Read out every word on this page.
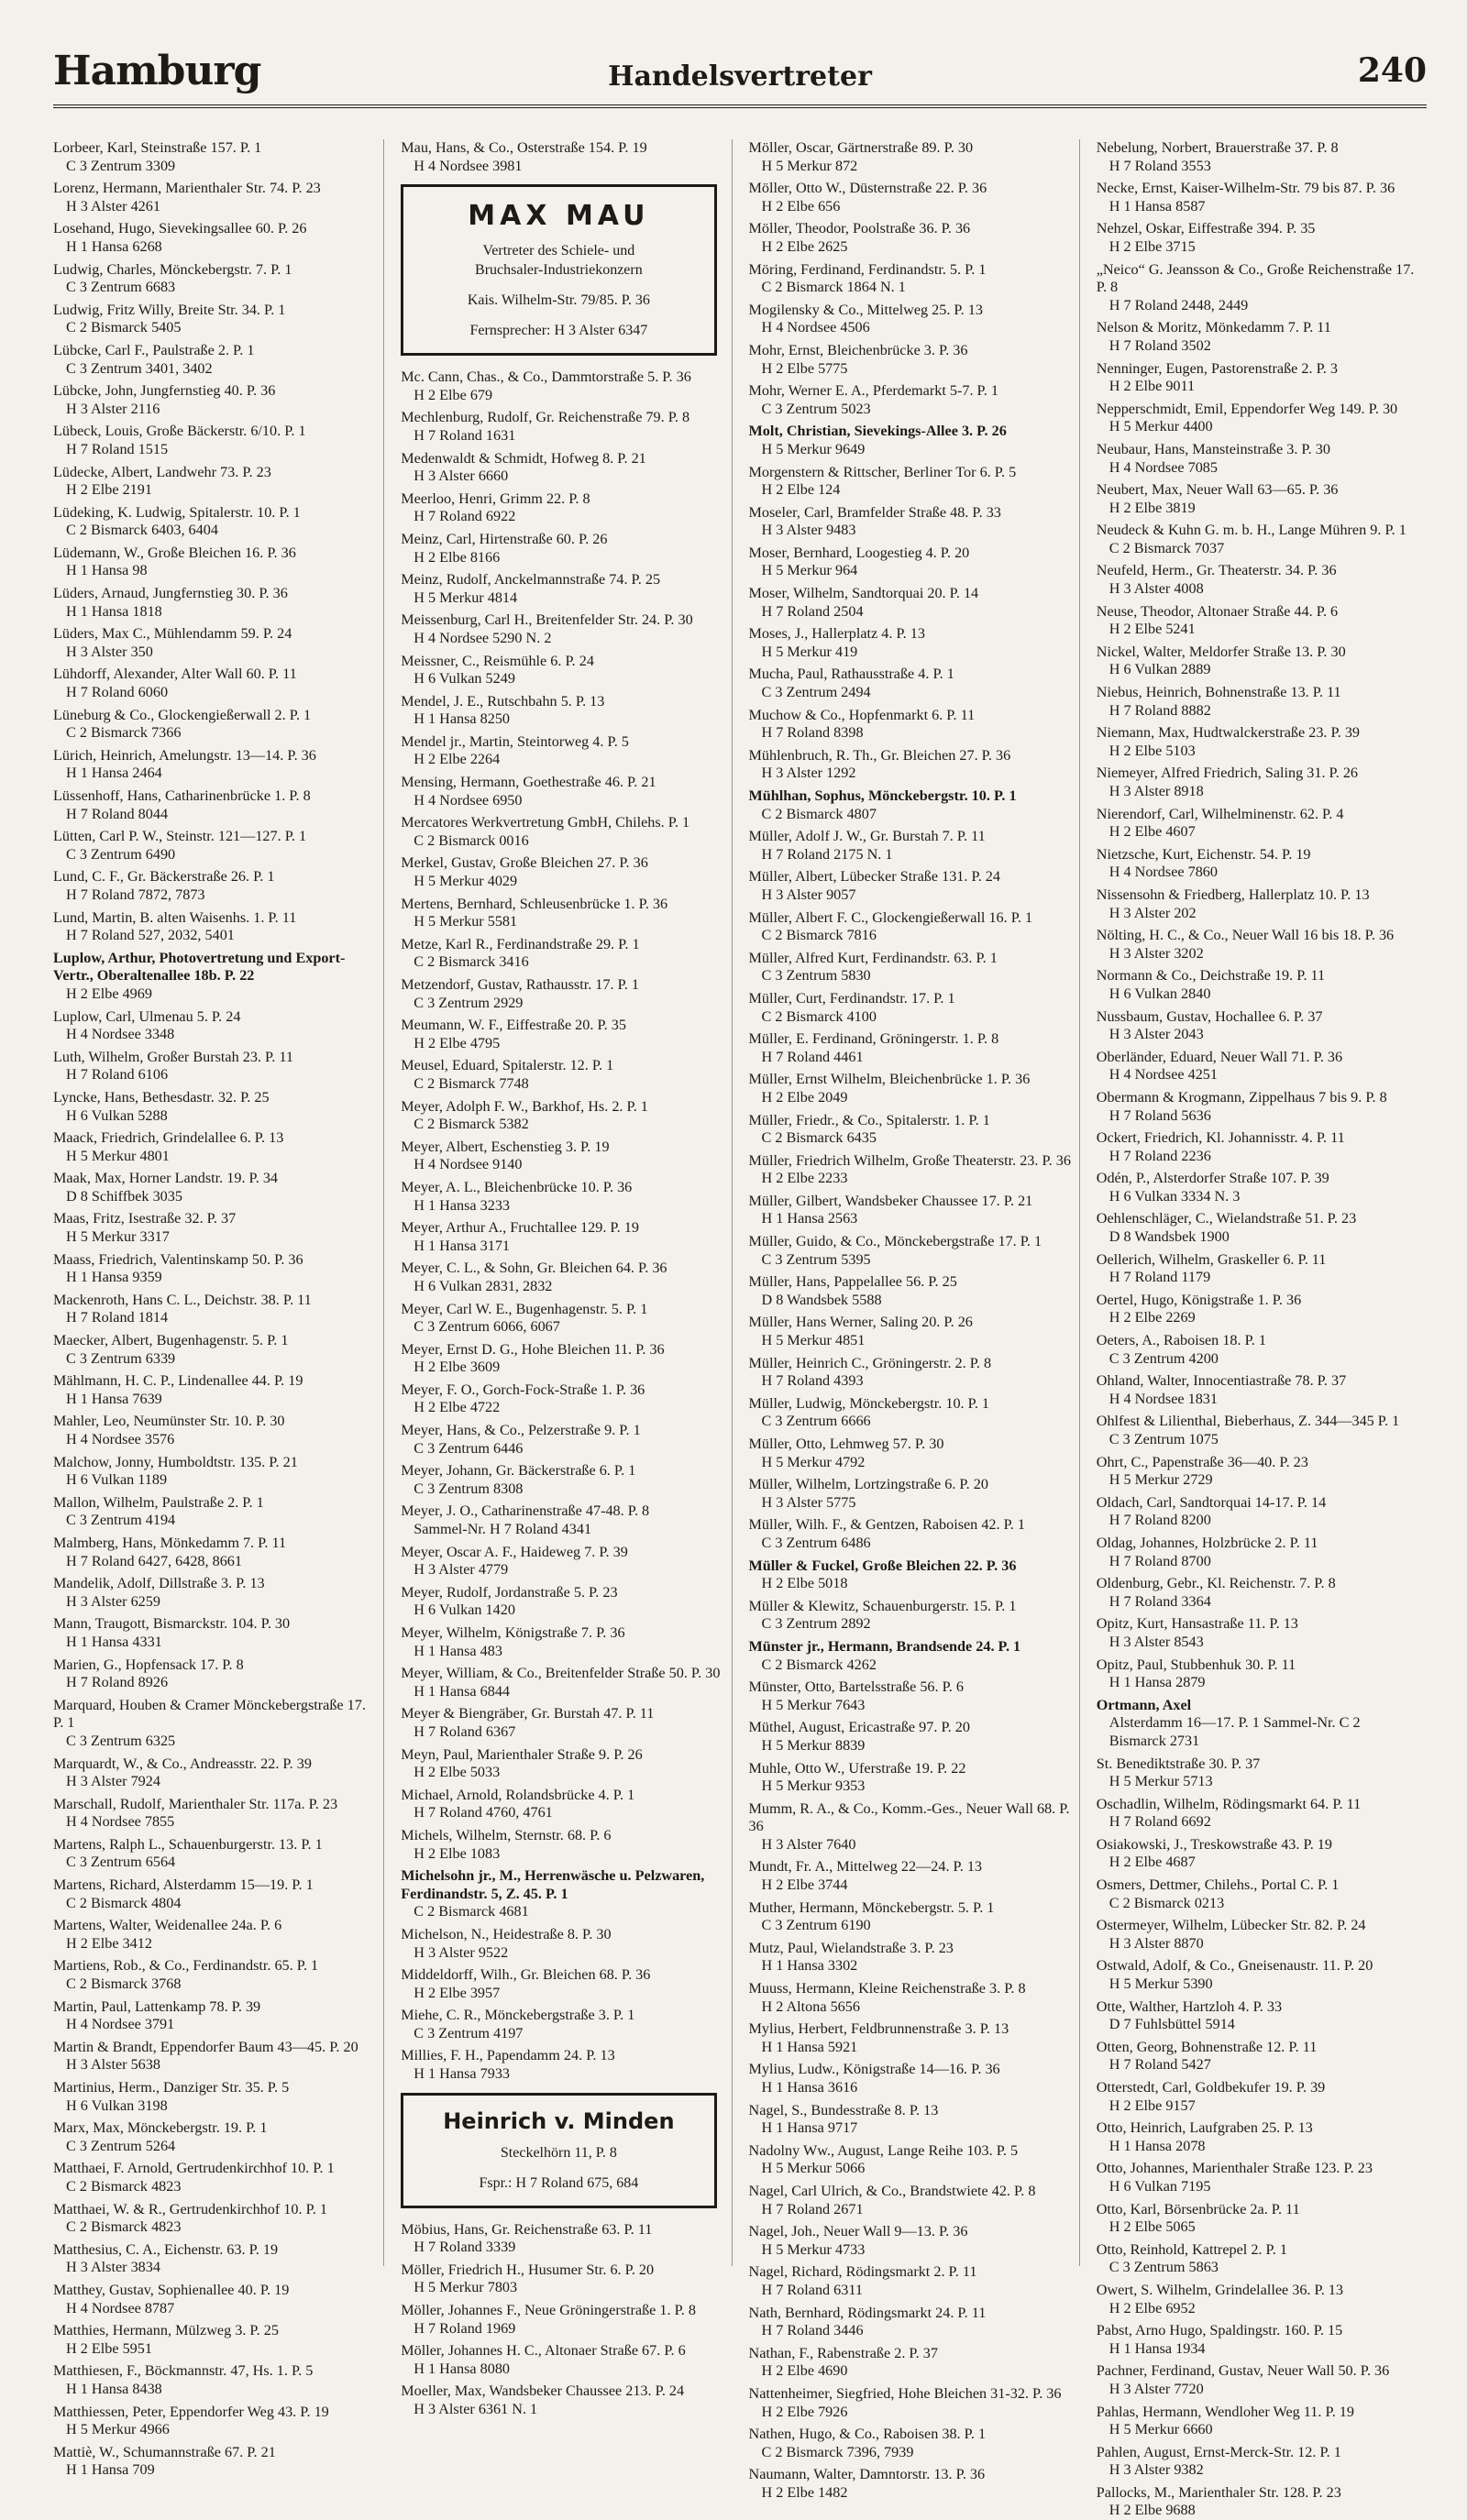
Hamburg	Handelsvertreter	240
Lorbeer, Karl, Steinstraße 157. P. 1
C 3 Zentrum 3309
Lorenz, Hermann, Marienthaler Str. 74. P. 23
H 3 Alster 4261
Losehand, Hugo, Sievekingsallee 60. P. 26
H 1 Hansa 6268
Ludwig, Charles, Mönckebergstr. 7. P. 1
C 3 Zentrum 6683
Ludwig, Fritz Willy, Breite Str. 34. P. 1
C 2 Bismarck 5405
Lübcke, Carl F., Paulstraße 2. P. 1
C 3 Zentrum 3401, 3402
Lübcke, John, Jungfernstieg 40. P. 36
H 3 Alster 2116
Lübeck, Louis, Große Bäckerstr. 6/10. P. 1
H 7 Roland 1515
Lüdecke, Albert, Landwehr 73. P. 23
H 2 Elbe 2191
Lüdeking, K. Ludwig, Spitalerstr. 10. P. 1
C 2 Bismarck 6403, 6404
Lüdemann, W., Große Bleichen 16. P. 36
H 1 Hansa 98
Lüders, Arnaud, Jungfernstieg 30. P. 36
H 1 Hansa 1818
Lüders, Max C., Mühlendamm 59. P. 24
H 3 Alster 350
Lühdorff, Alexander, Alter Wall 60. P. 11
H 7 Roland 6060
Lüneburg & Co., Glockengießerwall 2. P. 1
C 2 Bismarck 7366
Lürich, Heinrich, Amelungstr. 13—14. P. 36
H 1 Hansa 2464
Lüssenhoff, Hans, Catharinenbrücke 1. P. 8
H 7 Roland 8044
Lütten, Carl P. W., Steinstr. 121—127. P. 1
C 3 Zentrum 6490
Lund, C. F., Gr. Bäckerstraße 26. P. 1
H 7 Roland 7872, 7873
Lund, Martin, B. alten Waisenhs. 1. P. 11
H 7 Roland 527, 2032, 5401
Luplow, Arthur, Photovertretung und Export-Vertr., Oberaltenallee 18b. P. 22
H 2 Elbe 4969
Luplow, Carl, Ulmenau 5. P. 24
H 4 Nordsee 3348
Luth, Wilhelm, Großer Burstah 23. P. 11
H 7 Roland 6106
Lyncke, Hans, Bethesdastr. 32. P. 25
H 6 Vulkan 5288
Maack, Friedrich, Grindelallee 6. P. 13
H 5 Merkur 4801
Maak, Max, Horner Landstr. 19. P. 34
D 8 Schiffbek 3035
Maas, Fritz, Isestraße 32. P. 37
H 5 Merkur 3317
Maass, Friedrich, Valentinskamp 50. P. 36
H 1 Hansa 9359
Mackenroth, Hans C. L., Deichstr. 38. P. 11
H 7 Roland 1814
Maecker, Albert, Bugenhagenstr. 5. P. 1
C 3 Zentrum 6339
Mählmann, H. C. P., Lindenallee 44. P. 19
H 1 Hansa 7639
Mahler, Leo, Neumünster Str. 10. P. 30
H 4 Nordsee 3576
Malchow, Jonny, Humboldtstr. 135. P. 21
H 6 Vulkan 1189
Mallon, Wilhelm, Paulstraße 2. P. 1
C 3 Zentrum 4194
Malmberg, Hans, Mönkedamm 7. P. 11
H 7 Roland 6427, 6428, 8661
Mandelik, Adolf, Dillstraße 3. P. 13
H 3 Alster 6259
Mann, Traugott, Bismarckstr. 104. P. 30
H 1 Hansa 4331
Marien, G., Hopfensack 17. P. 8
H 7 Roland 8926
Marquard, Houben & Cramer Mönckebergstraße 17. P. 1
C 3 Zentrum 6325
Marquardt, W., & Co., Andreasstr. 22. P. 39
H 3 Alster 7924
Marschall, Rudolf, Marienthaler Str. 117a. P. 23
H 4 Nordsee 7855
Martens, Ralph L., Schauenburgerstr. 13. P. 1
C 3 Zentrum 6564
Martens, Richard, Alsterdamm 15—19. P. 1
C 2 Bismarck 4804
Martens, Walter, Weidenallee 24a. P. 6
H 2 Elbe 3412
Martiens, Rob., & Co., Ferdinandstr. 65. P. 1
C 2 Bismarck 3768
Martin, Paul, Lattenkamp 78. P. 39
H 4 Nordsee 3791
Martin & Brandt, Eppendorfer Baum 43—45. P. 20
H 3 Alster 5638
Martinius, Herm., Danziger Str. 35. P. 5
H 6 Vulkan 3198
Marx, Max, Mönckebergstr. 19. P. 1
C 3 Zentrum 5264
Matthaei, F. Arnold, Gertrudenkirchhof 10. P. 1
C 2 Bismarck 4823
Matthaei, W. & R., Gertrudenkirchhof 10. P. 1
C 2 Bismarck 4823
Matthesius, C. A., Eichenstr. 63. P. 19
H 3 Alster 3834
Matthey, Gustav, Sophienallee 40. P. 19
H 4 Nordsee 8787
Matthies, Hermann, Mülzweg 3. P. 25
H 2 Elbe 5951
Matthiesen, F., Böckmannstr. 47, Hs. 1. P. 5
H 1 Hansa 8438
Matthiessen, Peter, Eppendorfer Weg 43. P. 19
H 5 Merkur 4966
Mattiè, W., Schumannstraße 67. P. 21
H 1 Hansa 709
Mau, Hans, & Co., Osterstraße 154. P. 19
H 4 Nordsee 3981
MAX MAU
Vertreter des Schiele- und
Bruchsaler-Industriekonzern
Kais. Wilhelm-Str. 79/85. P. 36
Fernsprecher: H 3 Alster 6347
Mc. Cann, Chas., & Co., Dammtorstraße 5. P. 36
H 2 Elbe 679
Mechlenburg, Rudolf, Gr. Reichenstraße 79. P. 8
H 7 Roland 1631
Medenwaldt & Schmidt, Hofweg 8. P. 21
H 3 Alster 6660
Meerloo, Henri, Grimm 22. P. 8
H 7 Roland 6922
Meinz, Carl, Hirtenstraße 60. P. 26
H 2 Elbe 8166
Meinz, Rudolf, Anckelmannstraße 74. P. 25
H 5 Merkur 4814
Meissenburg, Carl H., Breitenfelder Str. 24. P. 30
H 4 Nordsee 5290 N. 2
Meissner, C., Reismühle 6. P. 24
H 6 Vulkan 5249
Mendel, J. E., Rutschbahn 5. P. 13
H 1 Hansa 8250
Mendel jr., Martin, Steintorweg 4. P. 5
H 2 Elbe 2264
Mensing, Hermann, Goethestraße 46. P. 21
H 4 Nordsee 6950
Mercatores Werkvertretung GmbH, Chilehs. P. 1
C 2 Bismarck 0016
Merkel, Gustav, Große Bleichen 27. P. 36
H 5 Merkur 4029
Mertens, Bernhard, Schleusenbrücke 1. P. 36
H 5 Merkur 5581
Metze, Karl R., Ferdinandstraße 29. P. 1
C 2 Bismarck 3416
Metzendorf, Gustav, Rathausstr. 17. P. 1
C 3 Zentrum 2929
Meumann, W. F., Eiffestraße 20. P. 35
H 2 Elbe 4795
Meusel, Eduard, Spitalerstr. 12. P. 1
C 2 Bismarck 7748
Meyer, Adolph F. W., Barkhof, Hs. 2. P. 1
C 2 Bismarck 5382
Meyer, Albert, Eschenstieg 3. P. 19
H 4 Nordsee 9140
Meyer, A. L., Bleichenbrücke 10. P. 36
H 1 Hansa 3233
Meyer, Arthur A., Fruchtallee 129. P. 19
H 1 Hansa 3171
Meyer, C. L., & Sohn, Gr. Bleichen 64. P. 36
H 6 Vulkan 2831, 2832
Meyer, Carl W. E., Bugenhagenstr. 5. P. 1
C 3 Zentrum 6066, 6067
Meyer, Ernst D. G., Hohe Bleichen 11. P. 36
H 2 Elbe 3609
Meyer, F. O., Gorch-Fock-Straße 1. P. 36
H 2 Elbe 4722
Meyer, Hans, & Co., Pelzerstraße 9. P. 1
C 3 Zentrum 6446
Meyer, Johann, Gr. Bäckerstraße 6. P. 1
C 3 Zentrum 8308
Meyer, J. O., Catharinenstraße 47-48. P. 8
Sammel-Nr. H 7 Roland 4341
Meyer, Oscar A. F., Haideweg 7. P. 39
H 3 Alster 4779
Meyer, Rudolf, Jordanstraße 5. P. 23
H 6 Vulkan 1420
Meyer, Wilhelm, Königstraße 7. P. 36
H 1 Hansa 483
Meyer, William, & Co., Breitenfelder Straße 50. P. 30
H 1 Hansa 6844
Meyer & Biengräber, Gr. Burstah 47. P. 11
H 7 Roland 6367
Meyn, Paul, Marienthaler Straße 9. P. 26
H 2 Elbe 5033
Michael, Arnold, Rolandsbrücke 4. P. 1
H 7 Roland 4760, 4761
Michels, Wilhelm, Sternstr. 68. P. 6
H 2 Elbe 1083
Michelsohn jr., M., Herrenwäsche u. Pelzwaren, Ferdinandstr. 5, Z. 45. P. 1
C 2 Bismarck 4681
Michelson, N., Heidestraße 8. P. 30
H 3 Alster 9522
Middeldorff, Wilh., Gr. Bleichen 68. P. 36
H 2 Elbe 3957
Miehe, C. R., Mönckebergstraße 3. P. 1
C 3 Zentrum 4197
Millies, F. H., Papendamm 24. P. 13
H 1 Hansa 7933
Heinrich v. Minden
Steckelhörn 11, P. 8
Fspr.: H 7 Roland 675, 684
Möbius, Hans, Gr. Reichenstraße 63. P. 11
H 7 Roland 3339
Möller, Friedrich H., Husumer Str. 6. P. 20
H 5 Merkur 7803
Möller, Johannes F., Neue Gröningerstraße 1. P. 8
H 7 Roland 1969
Möller, Johannes H. C., Altonaer Straße 67. P. 6
H 1 Hansa 8080
Moeller, Max, Wandsbeker Chaussee 213. P. 24
H 3 Alster 6361 N. 1
Möller, Oscar, Gärtnerstraße 89. P. 30
H 5 Merkur 872
Möller, Otto W., Düsternstraße 22. P. 36
H 2 Elbe 656
Möller, Theodor, Poolstraße 36. P. 36
H 2 Elbe 2625
Möring, Ferdinand, Ferdinandstr. 5. P. 1
C 2 Bismarck 1864 N. 1
Mogilensky & Co., Mittelweg 25. P. 13
H 4 Nordsee 4506
Mohr, Ernst, Bleichenbrücke 3. P. 36
H 2 Elbe 5775
Mohr, Werner E. A., Pferdemarkt 5-7. P. 1
C 3 Zentrum 5023
Molt, Christian, Sievekings-Allee 3. P. 26
H 5 Merkur 9649
Morgenstern & Rittscher, Berliner Tor 6. P. 5
H 2 Elbe 124
Moseler, Carl, Bramfelder Straße 48. P. 33
H 3 Alster 9483
Moser, Bernhard, Loogestieg 4. P. 20
H 5 Merkur 964
Moser, Wilhelm, Sandtorquai 20. P. 14
H 7 Roland 2504
Moses, J., Hallerplatz 4. P. 13
H 5 Merkur 419
Mucha, Paul, Rathausstraße 4. P. 1
C 3 Zentrum 2494
Muchow & Co., Hopfenmarkt 6. P. 11
H 7 Roland 8398
Mühlenbruch, R. Th., Gr. Bleichen 27. P. 36
H 3 Alster 1292
Mühlhan, Sophus, Mönckebergstr. 10. P. 1
C 2 Bismarck 4807
Müller, Adolf J. W., Gr. Burstah 7. P. 11
H 7 Roland 2175 N. 1
Müller, Albert, Lübecker Straße 131. P. 24
H 3 Alster 9057
Müller, Albert F. C., Glockengießerwall 16. P. 1
C 2 Bismarck 7816
Müller, Alfred Kurt, Ferdinandstr. 63. P. 1
C 3 Zentrum 5830
Müller, Curt, Ferdinandstr. 17. P. 1
C 2 Bismarck 4100
Müller, E. Ferdinand, Gröningerstr. 1. P. 8
H 7 Roland 4461
Müller, Ernst Wilhelm, Bleichenbrücke 1. P. 36
H 2 Elbe 2049
Müller, Friedr., & Co., Spitalerstr. 1. P. 1
C 2 Bismarck 6435
Müller, Friedrich Wilhelm, Große Theaterstr. 23. P. 36
H 2 Elbe 2233
Müller, Gilbert, Wandsbeker Chaussee 17. P. 21
H 1 Hansa 2563
Müller, Guido, & Co., Mönckebergstraße 17. P. 1
C 3 Zentrum 5395
Müller, Hans, Pappelallee 56. P. 25
D 8 Wandsbek 5588
Müller, Hans Werner, Saling 20. P. 26
H 5 Merkur 4851
Müller, Heinrich C., Gröningerstr. 2. P. 8
H 7 Roland 4393
Müller, Ludwig, Mönckebergstr. 10. P. 1
C 3 Zentrum 6666
Müller, Otto, Lehmweg 57. P. 30
H 5 Merkur 4792
Müller, Wilhelm, Lortzingstraße 6. P. 20
H 3 Alster 5775
Müller, Wilh. F., & Gentzen, Raboisen 42. P. 1
C 3 Zentrum 6486
Müller & Fuckel, Große Bleichen 22. P. 36
H 2 Elbe 5018
Müller & Klewitz, Schauenburgerstr. 15. P. 1
C 3 Zentrum 2892
Münster jr., Hermann, Brandsende 24. P. 1
C 2 Bismarck 4262
Münster, Otto, Bartelsstraße 56. P. 6
H 5 Merkur 7643
Müthel, August, Ericastraße 97. P. 20
H 5 Merkur 8839
Muhle, Otto W., Uferstraße 19. P. 22
H 5 Merkur 9353
Mumm, R. A., & Co., Komm.-Ges., Neuer Wall 68. P. 36
H 3 Alster 7640
Mundt, Fr. A., Mittelweg 22—24. P. 13
H 2 Elbe 3744
Muther, Hermann, Mönckebergstr. 5. P. 1
C 3 Zentrum 6190
Mutz, Paul, Wielandstraße 3. P. 23
H 1 Hansa 3302
Muuss, Hermann, Kleine Reichenstraße 3. P. 8
H 2 Altona 5656
Mylius, Herbert, Feldbrunnenstraße 3. P. 13
H 1 Hansa 5921
Mylius, Ludw., Königstraße 14—16. P. 36
H 1 Hansa 3616
Nagel, S., Bundesstraße 8. P. 13
H 1 Hansa 9717
Nadolny Ww., August, Lange Reihe 103. P. 5
H 5 Merkur 5066
Nagel, Carl Ulrich, & Co., Brandstwiete 42. P. 8
H 7 Roland 2671
Nagel, Joh., Neuer Wall 9—13. P. 36
H 5 Merkur 4733
Nagel, Richard, Rödingsmarkt 2. P. 11
H 7 Roland 6311
Nath, Bernhard, Rödingsmarkt 24. P. 11
H 7 Roland 3446
Nathan, F., Rabenstraße 2. P. 37
H 2 Elbe 4690
Nattenheimer, Siegfried, Hohe Bleichen 31-32. P. 36
H 2 Elbe 7926
Nathen, Hugo, & Co., Raboisen 38. P. 1
C 2 Bismarck 7396, 7939
Naumann, Walter, Damntorstr. 13. P. 36
H 2 Elbe 1482
Nebelung, Norbert, Brauerstraße 37. P. 8
H 7 Roland 3553
Necke, Ernst, Kaiser-Wilhelm-Str. 79 bis 87. P. 36
H 1 Hansa 8587
Nehzel, Oskar, Eiffestraße 394. P. 35
H 2 Elbe 3715
„Neico“ G. Jeansson & Co., Große Reichenstraße 17. P. 8
H 7 Roland 2448, 2449
Nelson & Moritz, Mönkedamm 7. P. 11
H 7 Roland 3502
Nenninger, Eugen, Pastorenstraße 2. P. 3
H 2 Elbe 9011
Nepperschmidt, Emil, Eppendorfer Weg 149. P. 30
H 5 Merkur 4400
Neubaur, Hans, Mansteinstraße 3. P. 30
H 4 Nordsee 7085
Neubert, Max, Neuer Wall 63—65. P. 36
H 2 Elbe 3819
Neudeck & Kuhn G. m. b. H., Lange Mühren 9. P. 1
C 2 Bismarck 7037
Neufeld, Herm., Gr. Theaterstr. 34. P. 36
H 3 Alster 4008
Neuse, Theodor, Altonaer Straße 44. P. 6
H 2 Elbe 5241
Nickel, Walter, Meldorfer Straße 13. P. 30
H 6 Vulkan 2889
Niebus, Heinrich, Bohnenstraße 13. P. 11
H 7 Roland 8882
Niemann, Max, Hudtwalckerstraße 23. P. 39
H 2 Elbe 5103
Niemeyer, Alfred Friedrich, Saling 31. P. 26
H 3 Alster 8918
Nierendorf, Carl, Wilhelminenstr. 62. P. 4
H 2 Elbe 4607
Nietzsche, Kurt, Eichenstr. 54. P. 19
H 4 Nordsee 7860
Nissensohn & Friedberg, Hallerplatz 10. P. 13
H 3 Alster 202
Nölting, H. C., & Co., Neuer Wall 16 bis 18. P. 36
H 3 Alster 3202
Normann & Co., Deichstraße 19. P. 11
H 6 Vulkan 2840
Nussbaum, Gustav, Hochallee 6. P. 37
H 3 Alster 2043
Oberländer, Eduard, Neuer Wall 71. P. 36
H 4 Nordsee 4251
Obermann & Krogmann, Zippelhaus 7 bis 9. P. 8
H 7 Roland 5636
Ockert, Friedrich, Kl. Johannisstr. 4. P. 11
H 7 Roland 2236
Odén, P., Alsterdorfer Straße 107. P. 39
H 6 Vulkan 3334 N. 3
Oehlenschläger, C., Wielandstraße 51. P. 23
D 8 Wandsbek 1900
Oellerich, Wilhelm, Graskeller 6. P. 11
H 7 Roland 1179
Oertel, Hugo, Königstraße 1. P. 36
H 2 Elbe 2269
Oeters, A., Raboisen 18. P. 1
C 3 Zentrum 4200
Ohland, Walter, Innocentiastraße 78. P. 37
H 4 Nordsee 1831
Ohlfest & Lilienthal, Bieberhaus, Z. 344—345 P. 1
C 3 Zentrum 1075
Ohrt, C., Papenstraße 36—40. P. 23
H 5 Merkur 2729
Oldach, Carl, Sandtorquai 14-17. P. 14
H 7 Roland 8200
Oldag, Johannes, Holzbrücke 2. P. 11
H 7 Roland 8700
Oldenburg, Gebr., Kl. Reichenstr. 7. P. 8
H 7 Roland 3364
Opitz, Kurt, Hansastraße 11. P. 13
H 3 Alster 8543
Opitz, Paul, Stubbenhuk 30. P. 11
H 1 Hansa 2879
Ortmann, Axel
Alsterdamm 16—17. P. 1 Sammel-Nr. C 2 Bismarck 2731
St. Benediktstraße 30. P. 37
H 5 Merkur 5713
Oschadlin, Wilhelm, Rödingsmarkt 64. P. 11
H 7 Roland 6692
Osiakowski, J., Treskowstraße 43. P. 19
H 2 Elbe 4687
Osmers, Dettmer, Chilehs., Portal C. P. 1
C 2 Bismarck 0213
Ostermeyer, Wilhelm, Lübecker Str. 82. P. 24
H 3 Alster 8870
Ostwald, Adolf, & Co., Gneisenaustr. 11. P. 20
H 5 Merkur 5390
Otte, Walther, Hartzloh 4. P. 33
D 7 Fuhlsbüttel 5914
Otten, Georg, Bohnenstraße 12. P. 11
H 7 Roland 5427
Otterstedt, Carl, Goldbekufer 19. P. 39
H 2 Elbe 9157
Otto, Heinrich, Laufgraben 25. P. 13
H 1 Hansa 2078
Otto, Johannes, Marienthaler Straße 123. P. 23
H 6 Vulkan 7195
Otto, Karl, Börsenbrücke 2a. P. 11
H 2 Elbe 5065
Otto, Reinhold, Kattrepel 2. P. 1
C 3 Zentrum 5863
Owert, S. Wilhelm, Grindelallee 36. P. 13
H 2 Elbe 6952
Pabst, Arno Hugo, Spaldingstr. 160. P. 15
H 1 Hansa 1934
Pachner, Ferdinand, Gustav, Neuer Wall 50. P. 36
H 3 Alster 7720
Pahlas, Hermann, Wendloher Weg 11. P. 19
H 5 Merkur 6660
Pahlen, August, Ernst-Merck-Str. 12. P. 1
H 3 Alster 9382
Pallocks, M., Marienthaler Str. 128. P. 23
H 2 Elbe 9688
